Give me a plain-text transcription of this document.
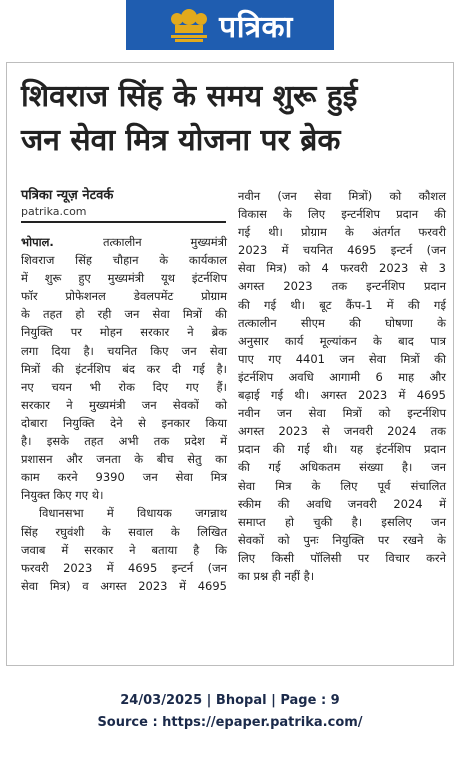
पत्रिका
शिवराज सिंह के समय शुरू हुई
जन सेवा मित्र योजना पर ब्रेक
पत्रिका न्यूज़ नेटवर्क
patrika.com
भोपाल. तत्कालीन मुख्यमंत्री
शिवराज सिंह चौहान के कार्यकाल
में शुरू हुए मुख्यमंत्री यूथ इंटर्नशिप
फॉर प्रोफेशनल डेवलपमेंट प्रोग्राम
के तहत हो रही जन सेवा मित्रों की
नियुक्ति पर मोहन सरकार ने ब्रेक
लगा दिया है। चयनित किए जन सेवा
मित्रों की इंटर्नशिप बंद कर दी गई है।
नए चयन भी रोक दिए गए हैं।
सरकार ने मुख्यमंत्री जन सेवकों को
दोबारा नियुक्ति देने से इनकार किया
है। इसके तहत अभी तक प्रदेश में
प्रशासन और जनता के बीच सेतु का
काम करने 9390 जन सेवा मित्र
नियुक्त किए गए थे।
विधानसभा में विधायक जगन्नाथ
सिंह रघुवंशी के सवाल के लिखित
जवाब में सरकार ने बताया है कि
फरवरी 2023 में 4695 इन्टर्न (जन
सेवा मित्र) व अगस्त 2023 में 4695
नवीन (जन सेवा मित्रों) को कौशल
विकास के लिए इन्टर्नशिप प्रदान की
गई थी। प्रोग्राम के अंतर्गत फरवरी
2023 में चयनित 4695 इन्टर्न (जन
सेवा मित्र) को 4 फरवरी 2023 से 3
अगस्त 2023 तक इन्टर्नशिप प्रदान
की गई थी। बूट कैंप-1 में की गई
तत्कालीन सीएम की घोषणा के
अनुसार कार्य मूल्यांकन के बाद पात्र
पाए गए 4401 जन सेवा मित्रों की
इंटर्नशिप अवधि आगामी 6 माह और
बढ़ाई गई थी। अगस्त 2023 में 4695
नवीन जन सेवा मित्रों को इन्टर्नशिप
अगस्त 2023 से जनवरी 2024 तक
प्रदान की गई थी। यह इंटर्नशिप प्रदान
की गई अधिकतम संख्या है। जन
सेवा मित्र के लिए पूर्व संचालित
स्कीम की अवधि जनवरी 2024 में
समाप्त हो चुकी है। इसलिए जन
सेवकों को पुनः नियुक्ति पर रखने के
लिए किसी पॉलिसी पर विचार करने
का प्रश्न ही नहीं है।
24/03/2025 | Bhopal | Page : 9
Source : https://epaper.patrika.com/
